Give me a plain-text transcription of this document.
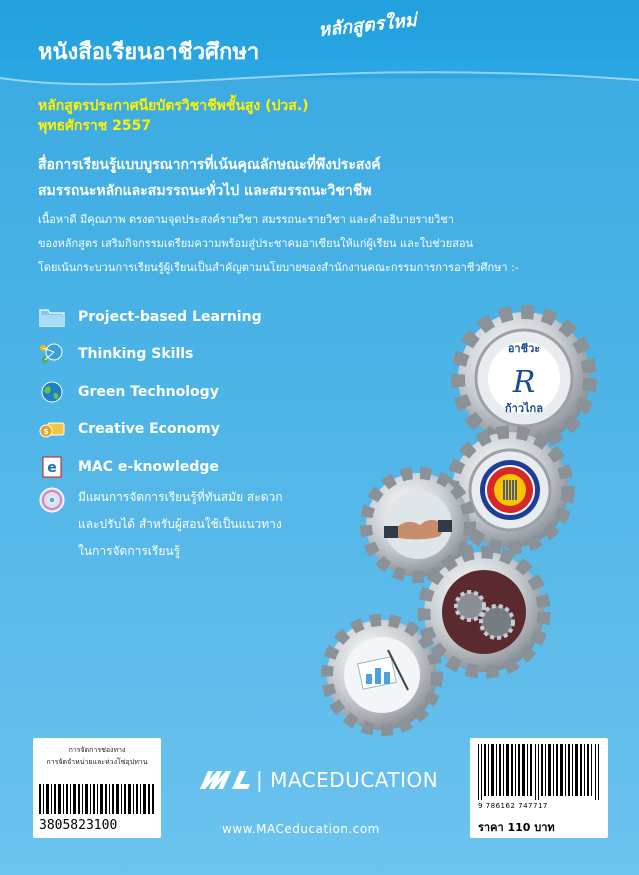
หนังสือเรียนอาชีวศึกษา
หลักสูตรใหม่
หลักสูตรประกาศนียบัตรวิชาชีพชั้นสูง (ปวส.)
พุทธศักราช 2557
สื่อการเรียนรู้แบบบูรณาการที่เน้นคุณลักษณะที่พึงประสงค์
สมรรถนะหลักและสมรรถนะทั่วไป และสมรรถนะวิชาชีพ
เนื้อหาดี มีคุณภาพ ตรงตามจุดประสงค์รายวิชา สมรรถนะรายวิชา และคำอธิบายรายวิชา
ของหลักสูตร เสริมกิจกรรมเตรียมความพร้อมสู่ประชาคมอาเซียนให้แก่ผู้เรียน และใบช่วยสอน
โดยเน้นกระบวนการเรียนรู้ผู้เรียนเป็นสำคัญตามนโยบายของสำนักงานคณะกรรมการการอาชีวศึกษา :-
Project-based Learning
Thinking Skills
Green Technology
$ Creative Economy
e MAC e-knowledge
มีแผนการจัดการเรียนรู้ที่ทันสมัย สะดวก
และปรับได้ สำหรับผู้สอนใช้เป็นแนวทาง
ในการจัดการเรียนรู้
อาชีวะ
R
ก้าวไกล
การจัดการช่องทาง
การจัดจำหน่ายและห่วงโซ่อุปทาน
3805823100
9 786162 747717
ราคา 110 บาท
| MACEDUCATION
www.MACeducation.com
